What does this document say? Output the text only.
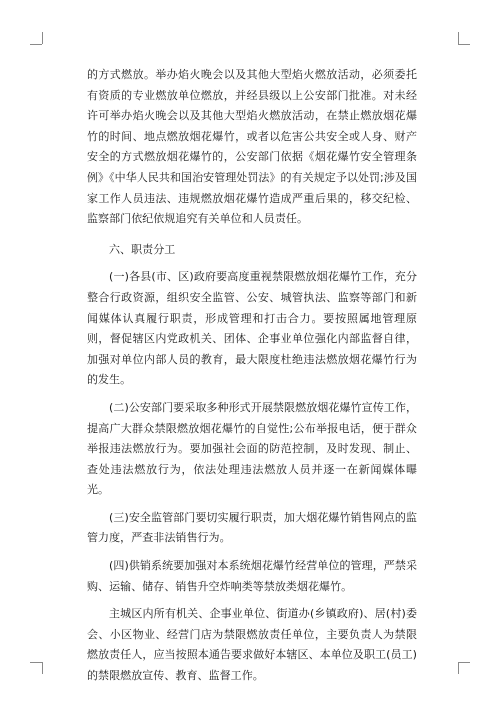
的方式燃放。举办焰火晚会以及其他大型焰火燃放活动，必须委托有资质的专业燃放单位燃放，并经县级以上公安部门批准。对未经许可举办焰火晚会以及其他大型焰火燃放活动，在禁止燃放烟花爆竹的时间、地点燃放烟花爆竹，或者以危害公共安全或人身、财产安全的方式燃放烟花爆竹的，公安部门依据《烟花爆竹安全管理条例》《中华人民共和国治安管理处罚法》的有关规定予以处罚;涉及国家工作人员违法、违规燃放烟花爆竹造成严重后果的，移交纪检、监察部门依纪依规追究有关单位和人员责任。

六、职责分工

(一)各县(市、区)政府要高度重视禁限燃放烟花爆竹工作，充分整合行政资源，组织安全监管、公安、城管执法、监察等部门和新闻媒体认真履行职责，形成管理和打击合力。要按照属地管理原则，督促辖区内党政机关、团体、企事业单位强化内部监督自律，加强对单位内部人员的教育，最大限度杜绝违法燃放烟花爆竹行为的发生。

(二)公安部门要采取多种形式开展禁限燃放烟花爆竹宣传工作，提高广大群众禁限燃放烟花爆竹的自觉性;公布举报电话，便于群众举报违法燃放行为。要加强社会面的防范控制，及时发现、制止、查处违法燃放行为，依法处理违法燃放人员并逐一在新闻媒体曝光。

(三)安全监管部门要切实履行职责，加大烟花爆竹销售网点的监管力度，严查非法销售行为。

(四)供销系统要加强对本系统烟花爆竹经营单位的管理，严禁采购、运输、储存、销售升空炸响类等禁放类烟花爆竹。

主城区内所有机关、企事业单位、街道办(乡镇政府)、居(村)委会、小区物业、经营门店为禁限燃放责任单位，主要负责人为禁限燃放责任人，应当按照本通告要求做好本辖区、本单位及职工(员工)的禁限燃放宣传、教育、监督工作。
